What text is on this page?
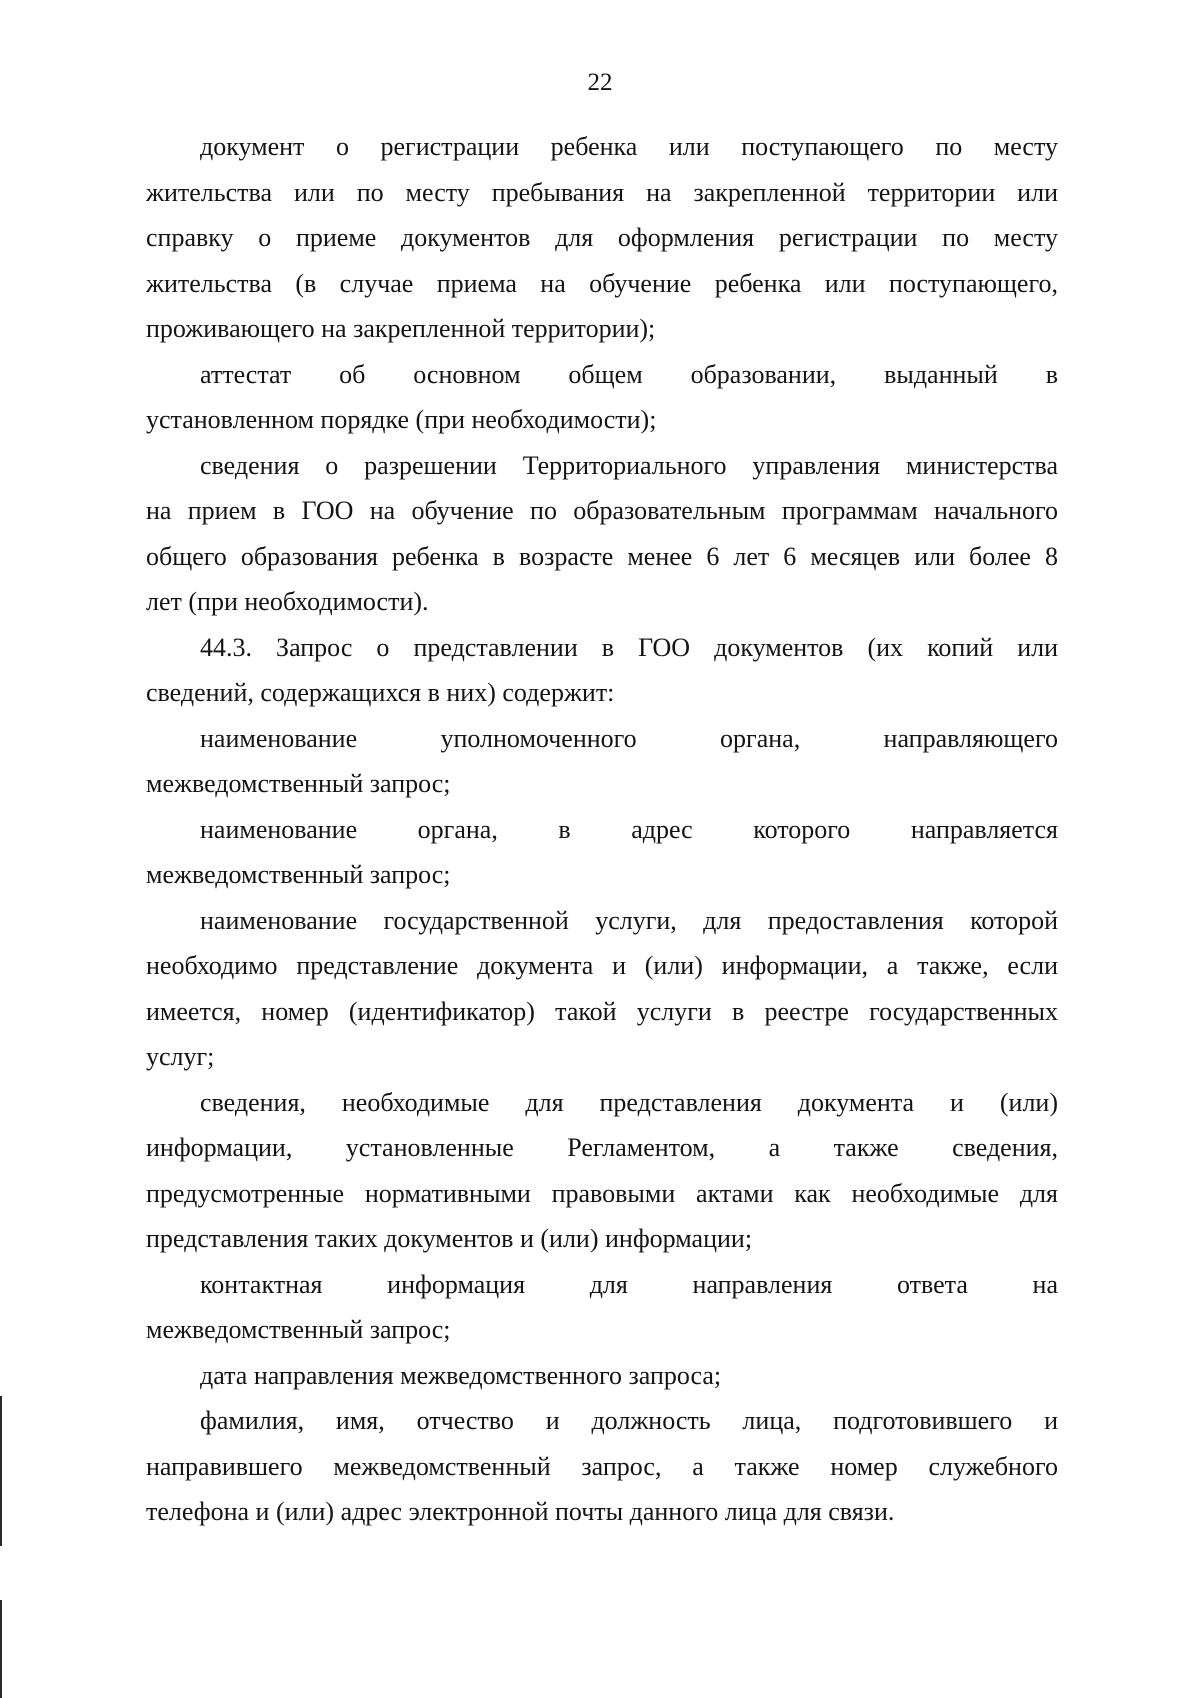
22

документ о регистрации ребенка или поступающего по месту
жительства или по месту пребывания на закрепленной территории или
справку о приеме документов для оформления регистрации по месту
жительства (в случае приема на обучение ребенка или поступающего,
проживающего на закрепленной территории);

аттестат об основном общем образовании, выданный в
установленном порядке (при необходимости);

сведения о разрешении Территориального управления министерства
на прием в ГОО на обучение по образовательным программам начального
общего образования ребенка в возрасте менее 6 лет 6 месяцев или более 8
лет (при необходимости).

44.3. Запрос о представлении в ГОО документов (их копий или
сведений, содержащихся в них) содержит:

наименование уполномоченного органа, направляющего
межведомственный запрос;

наименование органа, в адрес которого направляется
межведомственный запрос;

наименование государственной услуги, для предоставления которой
необходимо представление документа и (или) информации, а также, если
имеется, номер (идентификатор) такой услуги в реестре государственных
услуг;

сведения, необходимые для представления документа и (или)
информации, установленные Регламентом, а также сведения,
предусмотренные нормативными правовыми актами как необходимые для
представления таких документов и (или) информации;

контактная информация для направления ответа на
межведомственный запрос;

дата направления межведомственного запроса;

фамилия, имя, отчество и должность лица, подготовившего и
направившего межведомственный запрос, а также номер служебного
телефона и (или) адрес электронной почты данного лица для связи.
